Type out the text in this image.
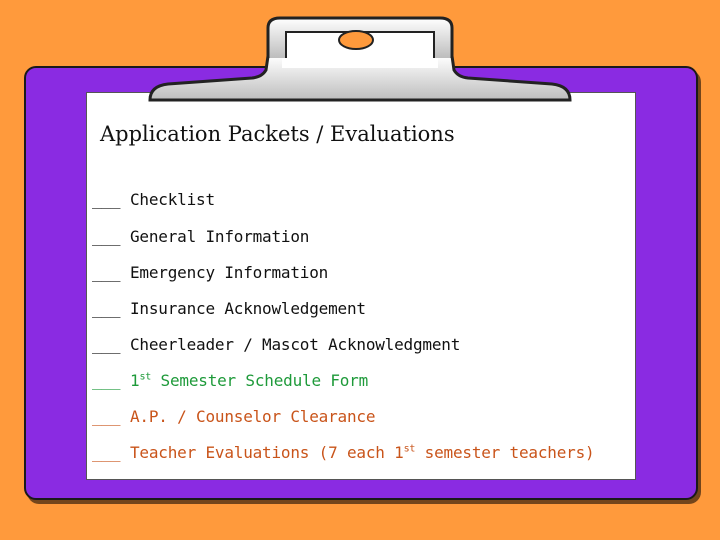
Application Packets / Evaluations
___ Checklist
___ General Information
___ Emergency Information
___ Insurance Acknowledgement
___ Cheerleader / Mascot Acknowledgment
___ 1st Semester Schedule Form
___ A.P. / Counselor Clearance
___ Teacher Evaluations (7 each 1st semester teachers)
